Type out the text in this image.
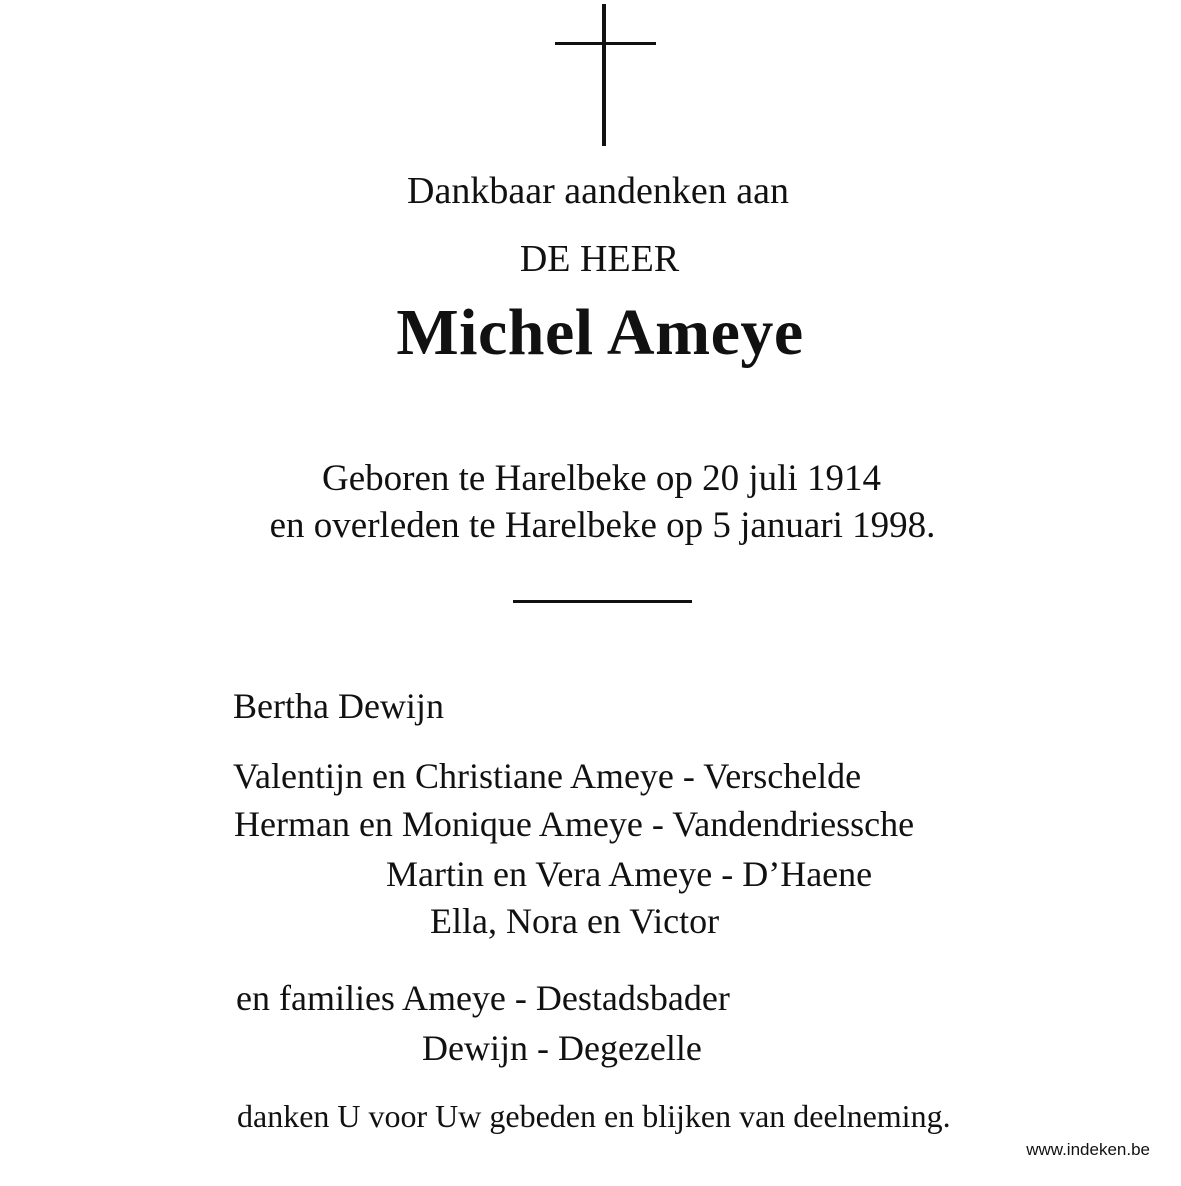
Dankbaar aandenken aan
DE HEER
Michel Ameye
Geboren te Harelbeke op 20 juli 1914
en overleden te Harelbeke op 5 januari 1998.
Bertha Dewijn
Valentijn en Christiane Ameye - Verschelde
Herman en Monique Ameye - Vandendriessche
Martin en Vera Ameye - D’Haene
Ella, Nora en Victor
en families Ameye - Destadsbader
Dewijn - Degezelle
danken U voor Uw gebeden en blijken van deelneming.
www.indeken.be
